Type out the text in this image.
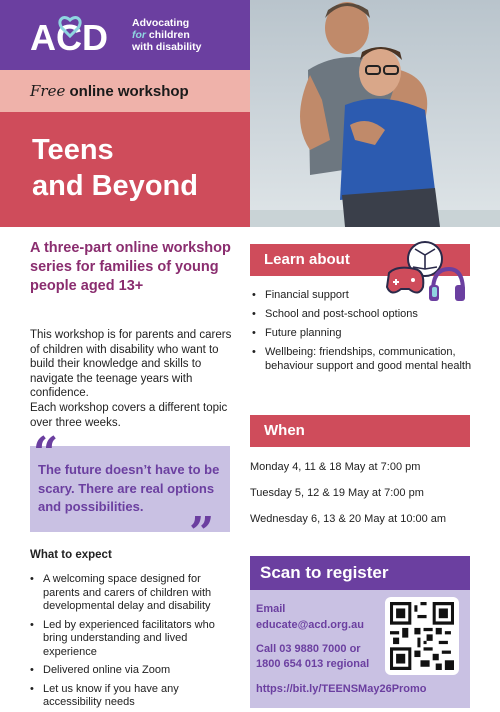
ACD Advocating
for children
with disability
Free online workshop
Teens
and Beyond
A three-part online workshop series for families of young people aged 13+
This workshop is for parents and carers of children with disability who want to build their knowledge and skills to navigate the teenage years with confidence.
Each workshop covers a different topic over three weeks.
“
The future doesn’t have to be scary. There are real options and possibilities.
”
What to expect
• A welcoming space designed for parents and carers of children with developmental delay and disability
• Led by experienced facilitators who bring understanding and lived experience
• Delivered online via Zoom
• Let us know if you have any accessibility needs
Learn about
• Financial support
• School and post-school options
• Future planning
• Wellbeing: friendships, communication, behaviour support and good mental health
When
Monday 4, 11 & 18 May at 7:00 pm
Tuesday 5, 12 & 19 May at 7:00 pm
Wednesday 6, 13 & 20 May at 10:00 am
Scan to register
Email
educate@acd.org.au
Call 03 9880 7000 or
1800 654 013 regional
https://bit.ly/TEENSMay26Promo
